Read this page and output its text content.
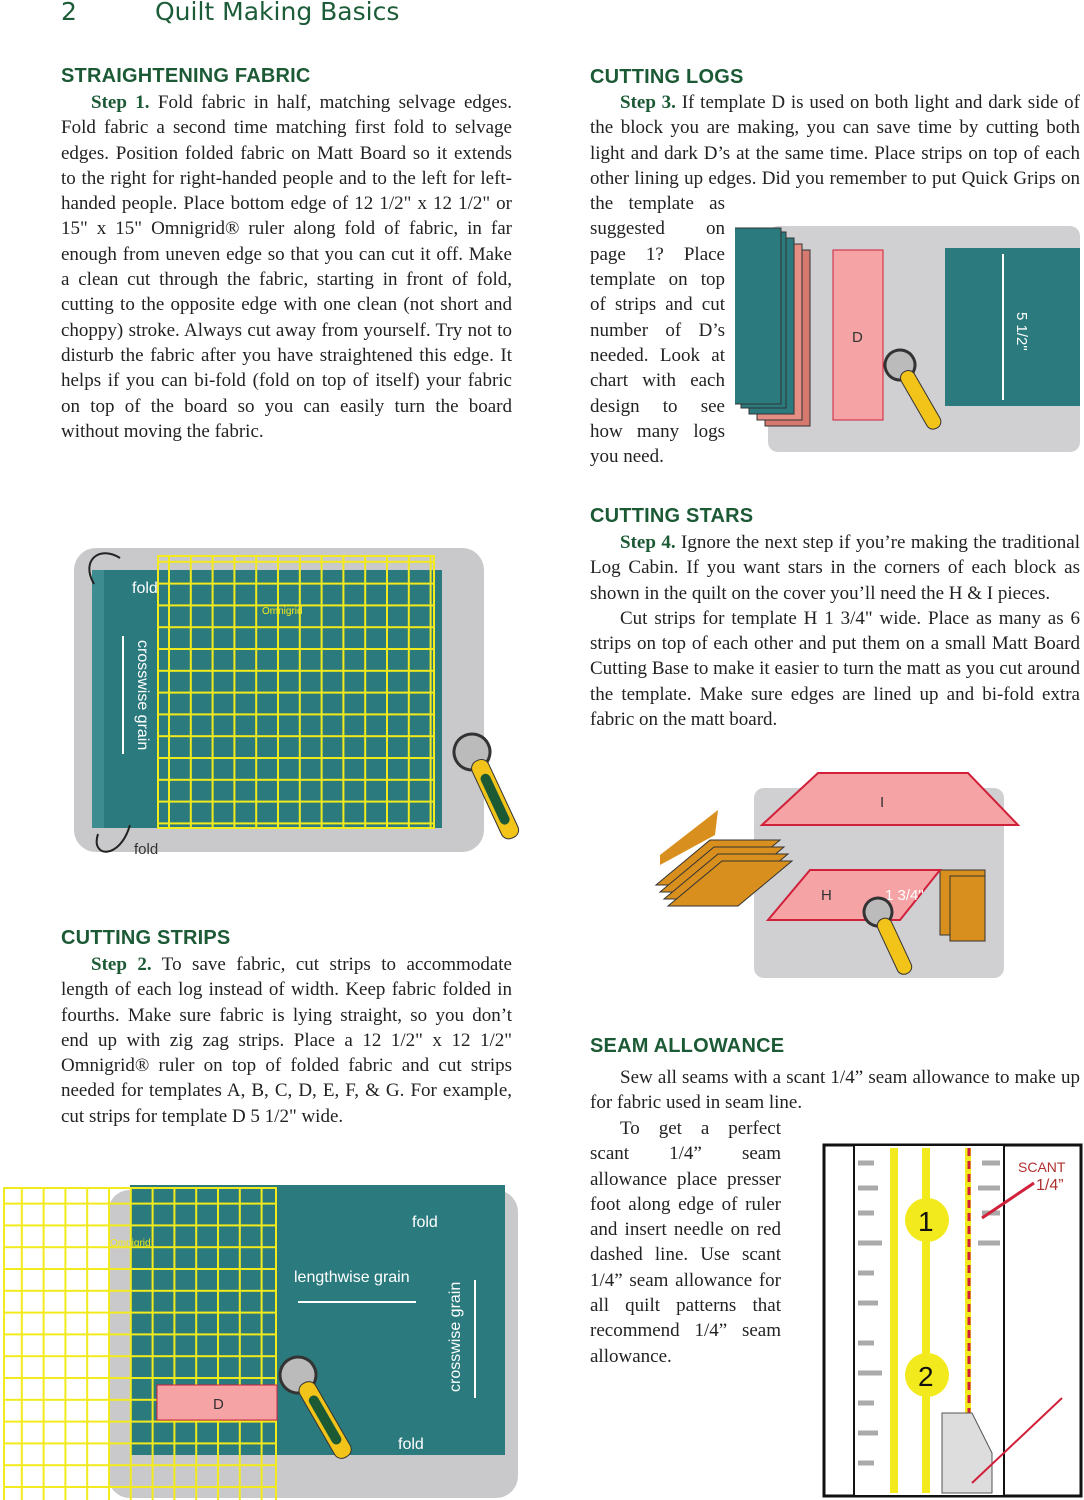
2	Quilt Making Basics
STRAIGHTENING FABRIC

Step 1. Fold fabric in half, matching selvage edges. Fold fabric a second time matching first fold to selvage edges. Position folded fabric on Matt Board so it extends to the right for right-handed people and to the left for left-handed people. Place bottom edge of 12 1/2" x 12 1/2" or 15" x 15" Omnigrid® ruler along fold of fabric, in far enough from uneven edge so that you can cut it off. Make a clean cut through the fabric, starting in front of fold, cutting to the opposite edge with one clean (not short and choppy) stroke. Always cut away from yourself. Try not to disturb the fabric after you have straightened this edge. It helps if you can bi-fold (fold on top of itself) your fabric on top of the board so you can easily turn the board without moving the fabric.

fold
fold
crosswise grain
Omnigrid
CUTTING STRIPS

Step 2. To save fabric, cut strips to accommodate length of each log instead of width. Keep fabric folded in fourths. Make sure fabric is lying straight, so you don’t end up with zig zag strips. Place a 12 1/2" x 12 1/2" Omnigrid® ruler on top of folded fabric and cut strips needed for templates A, B, C, D, E, F, & G. For example, cut strips for template D 5 1/2" wide.

D
Omnigrid
fold
fold
lengthwise grain
crosswise grain
CUTTING LOGS
D	5 1/2"

Step 3. If template D is used on both light and dark side of the block you are making, you can save time by cutting both light and dark D’s at the same time. Place strips on top of each other lining up edges. Did you remember to put Quick Grips on the template as suggested on page 1? Place template on top of strips and cut number of D’s needed. Look at chart with each design to see how many logs you need.

CUTTING STARS

Step 4. Ignore the next step if you’re making the traditional Log Cabin. If you want stars in the corners of each block as shown in the quilt on the cover you’ll need the H & I pieces.

Cut strips for template H 1 3/4" wide. Place as many as 6 strips on top of each other and put them on a small Matt Board Cutting Base to make it easier to turn the matt as you cut around the template. Make sure edges are lined up and bi-fold extra fabric on the matt board.

I
H	1 3/4"
SEAM ALLOWANCE

Sew all seams with a scant 1/4” seam allowance to make up for fabric used in seam line.

To get a perfect scant 1/4” seam allowance place presser foot along edge of ruler and insert needle on red dashed line. Use scant 1/4” seam allowance for all quilt patterns that recommend 1/4” seam allowance.

1
2
SCANT
1/4”
